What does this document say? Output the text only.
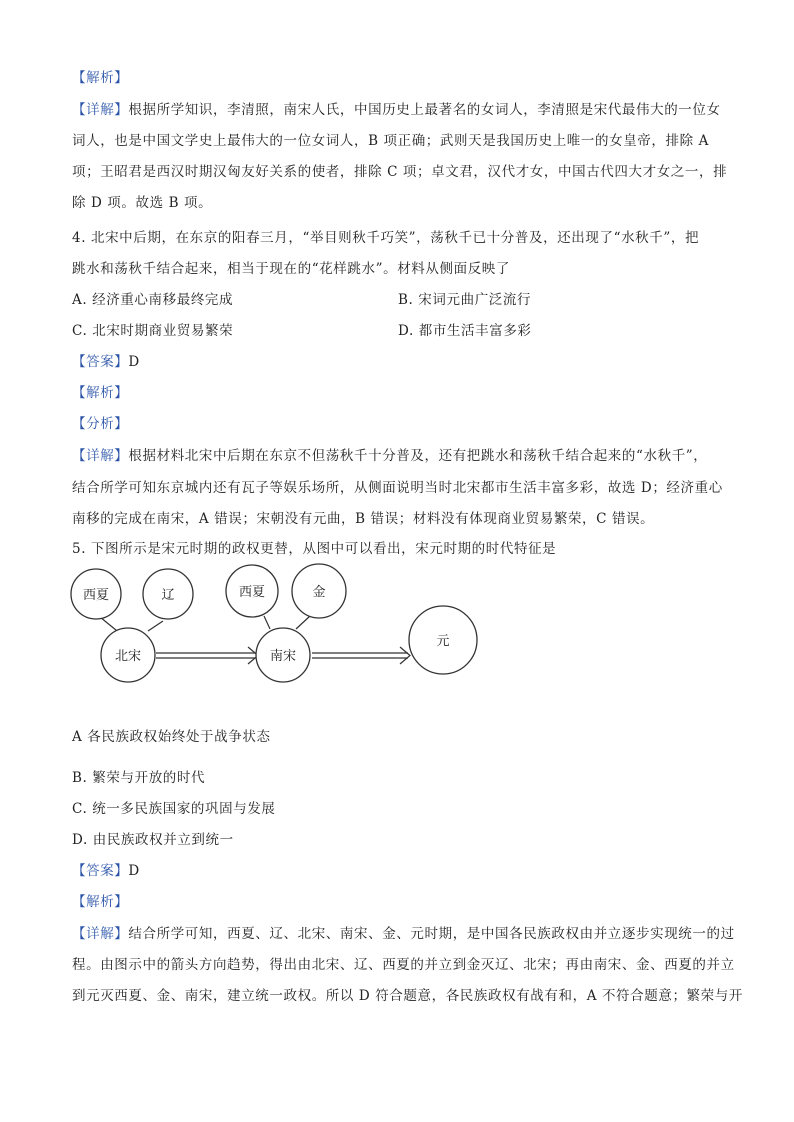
【解析】
【详解】根据所学知识，李清照，南宋人氏，中国历史上最著名的女词人，李清照是宋代最伟大的一位女
词人，也是中国文学史上最伟大的一位女词人，B 项正确；武则天是我国历史上唯一的女皇帝，排除 A
项；王昭君是西汉时期汉匈友好关系的使者，排除 C 项；卓文君，汉代才女，中国古代四大才女之一，排
除 D 项。故选 B 项。
4. 北宋中后期，在东京的阳春三月，“举目则秋千巧笑”，荡秋千已十分普及，还出现了“水秋千”，把
跳水和荡秋千结合起来，相当于现在的“花样跳水”。材料从侧面反映了
A. 经济重心南移最终完成	B. 宋词元曲广泛流行
C. 北宋时期商业贸易繁荣	D. 都市生活丰富多彩
【答案】D
【解析】
【分析】
【详解】根据材料北宋中后期在东京不但荡秋千十分普及，还有把跳水和荡秋千结合起来的“水秋千”，
结合所学可知东京城内还有瓦子等娱乐场所，从侧面说明当时北宋都市生活丰富多彩，故选 D；经济重心
南移的完成在南宋，A 错误；宋朝没有元曲，B 错误；材料没有体现商业贸易繁荣，C 错误。
5. 下图所示是宋元时期的政权更替，从图中可以看出，宋元时期的时代特征是
西夏	辽
北宋
西夏	金
南宋
元
A 各民族政权始终处于战争状态
B. 繁荣与开放的时代
C. 统一多民族国家的巩固与发展
D. 由民族政权并立到统一
【答案】D
【解析】
【详解】结合所学可知，西夏、辽、北宋、南宋、金、元时期，是中国各民族政权由并立逐步实现统一的过
程。由图示中的箭头方向趋势，得出由北宋、辽、西夏的并立到金灭辽、北宋；再由南宋、金、西夏的并立
到元灭西夏、金、南宋，建立统一政权。所以 D 符合题意，各民族政权有战有和，A 不符合题意；繁荣与开
